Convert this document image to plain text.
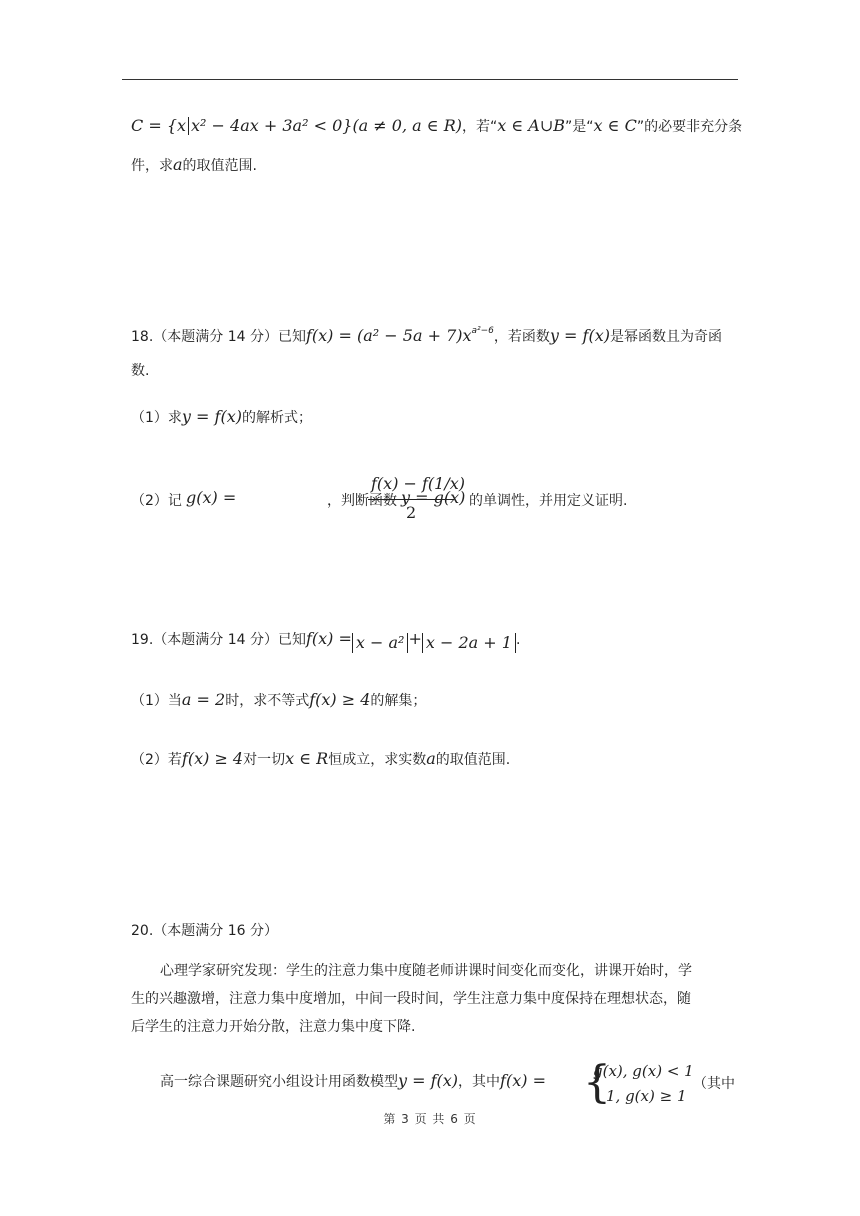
C = {x x² − 4ax + 3a² < 0}(a ≠ 0, a ∈ R)，若“x ∈ A∪B”是“x ∈ C”的必要非充分条
件，求a的取值范围.
18.（本题满分 14 分）已知$f(x) = (a^2 - 5a + 7)x^{a^2-6}$，若函数y = f(x)是幂函数且为奇函
数.
（1）求y = f(x)的解析式；
（2）记 g(x) =
f(x) − f(1/x)
2
，判断函数 y = g(x) 的单调性，并用定义证明.
19.（本题满分 14 分）已知f(x) = x − a² + x − 2a + 1 .
（1）当a = 2时，求不等式f(x) ≥ 4的解集；
（2）若f(x) ≥ 4对一切x ∈ R恒成立，求实数a的取值范围.
20.（本题满分 16 分）
心理学家研究发现：学生的注意力集中度随老师讲课时间变化而变化，讲课开始时，学
生的兴趣激增，注意力集中度增加，中间一段时间，学生注意力集中度保持在理想状态，随
后学生的注意力开始分散，注意力集中度下降.
高一综合课题研究小组设计用函数模型y = f(x)，其中f(x) = {
g(x), g(x) < 1
1, g(x) ≥ 1
（其中
第 3 页 共 6 页
